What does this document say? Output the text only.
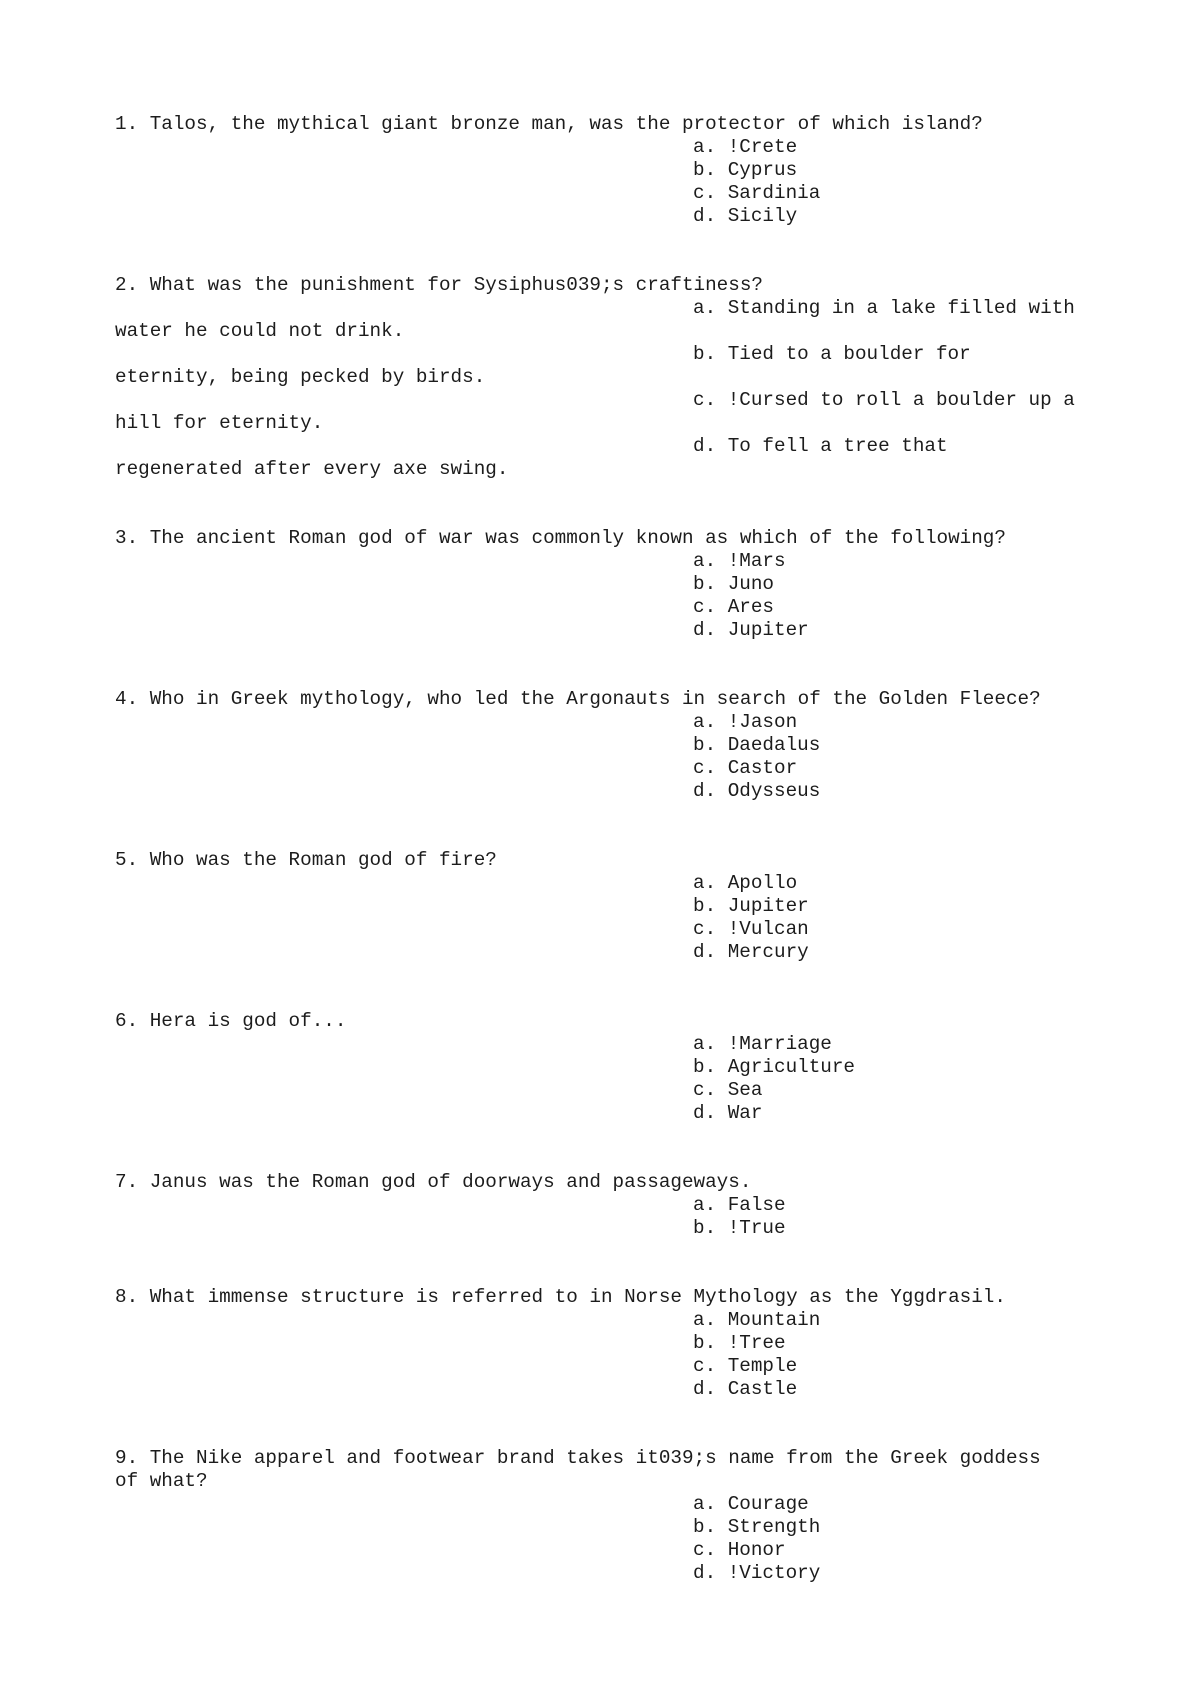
1. Talos, the mythical giant bronze man, was the protector of which island?
a. !Crete
b. Cyprus
c. Sardinia
d. Sicily
2. What was the punishment for Sysiphus039;s craftiness?
a. Standing in a lake filled with
water he could not drink.
b. Tied to a boulder for
eternity, being pecked by birds.
c. !Cursed to roll a boulder up a
hill for eternity.
d. To fell a tree that
regenerated after every axe swing.
3. The ancient Roman god of war was commonly known as which of the following?
a. !Mars
b. Juno
c. Ares
d. Jupiter
4. Who in Greek mythology, who led the Argonauts in search of the Golden Fleece?
a. !Jason
b. Daedalus
c. Castor
d. Odysseus
5. Who was the Roman god of fire?
a. Apollo
b. Jupiter
c. !Vulcan
d. Mercury
6. Hera is god of...
a. !Marriage
b. Agriculture
c. Sea
d. War
7. Janus was the Roman god of doorways and passageways.
a. False
b. !True
8. What immense structure is referred to in Norse Mythology as the Yggdrasil.
a. Mountain
b. !Tree
c. Temple
d. Castle
9. The Nike apparel and footwear brand takes it039;s name from the Greek goddess
of what?
a. Courage
b. Strength
c. Honor
d. !Victory
